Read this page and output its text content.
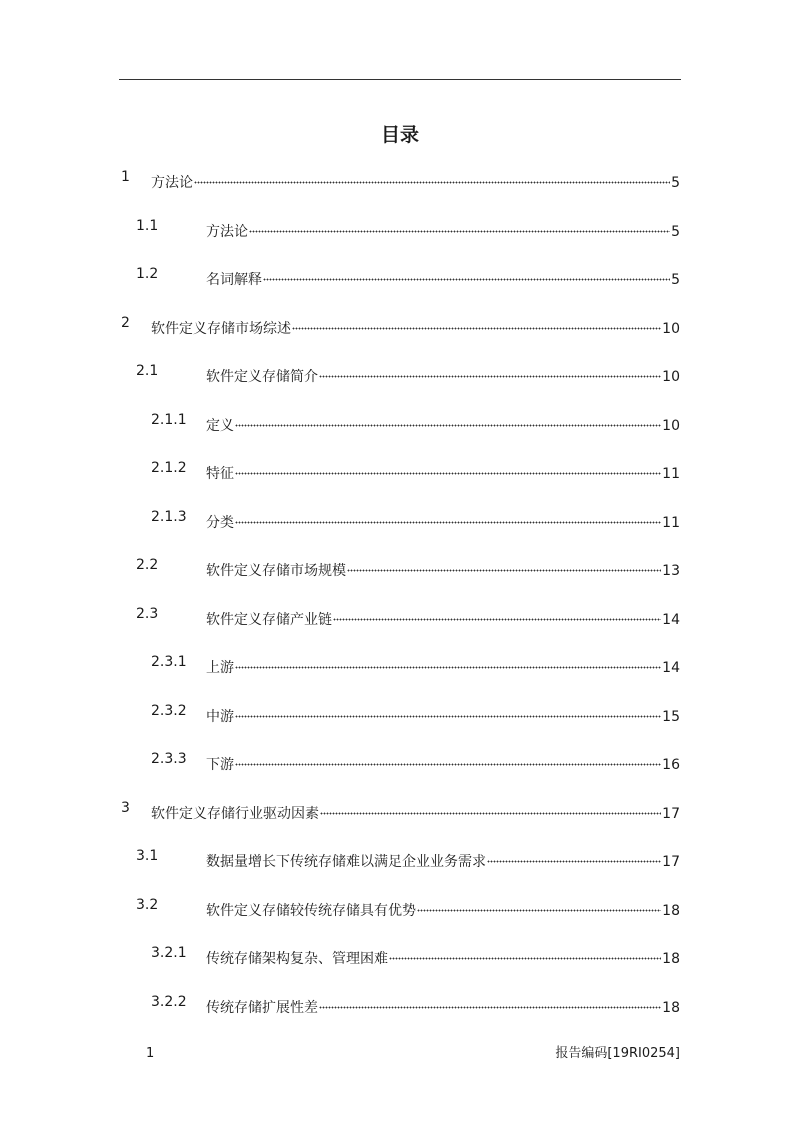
目录
1 方法论	5
1.1	方法论	5
1.2	名词解释	5
2 软件定义存储市场综述	10
2.1	软件定义存储简介	10
2.1.1 定义	10
2.1.2 特征	11
2.1.3 分类	11
2.2	软件定义存储市场规模	13
2.3	软件定义存储产业链	14
2.3.1 上游	14
2.3.2 中游	15
2.3.3 下游	16
3 软件定义存储行业驱动因素	17
3.1	数据量增长下传统存储难以满足企业业务需求	17
3.2	软件定义存储较传统存储具有优势	18
3.2.1 传统存储架构复杂、管理困难	18
3.2.2 传统存储扩展性差	18
1	报告编码[19RI0254]
